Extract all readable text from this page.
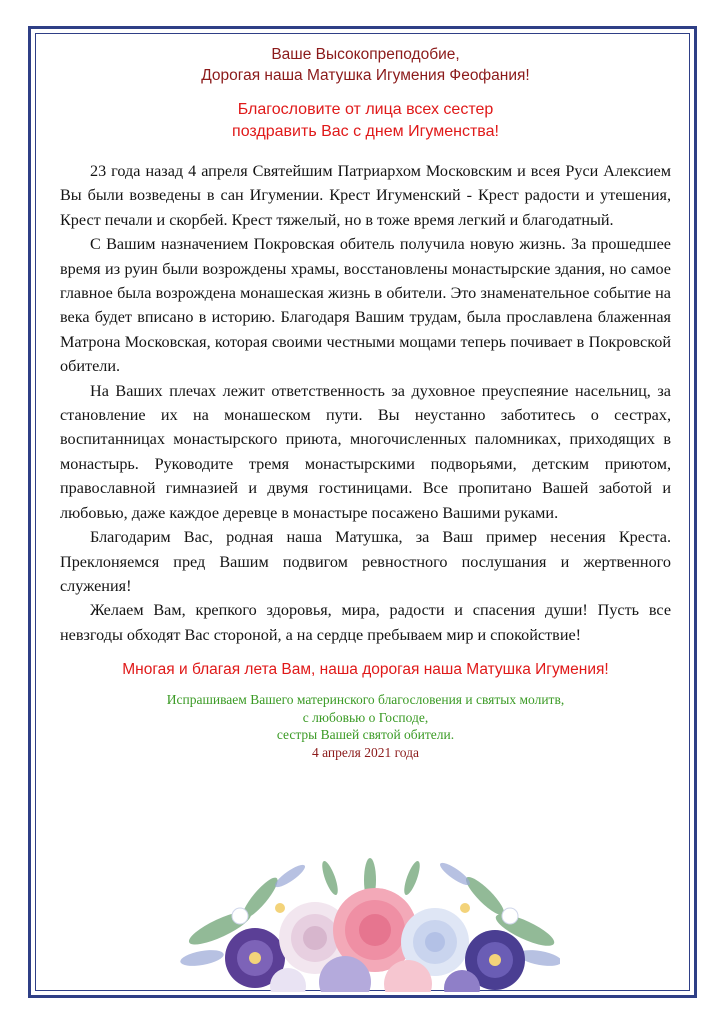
Ваше Высокопреподобие,
Дорогая наша Матушка Игумения Феофания!
Благословите от лица всех сестер
поздравить Вас с днем Игуменства!

23 года назад 4 апреля Святейшим Патриархом Московским и всея Руси Алексием Вы были возведены в сан Игумении. Крест Игуменский - Крест радости и утешения, Крест печали и скорбей. Крест тяжелый, но в тоже время легкий и благодатный.

С Вашим назначением Покровская обитель получила новую жизнь. За прошедшее время из руин были возрождены храмы, восстановлены монастырские здания, но самое главное была возрождена монашеская жизнь в обители. Это знаменательное событие на века будет вписано в историю. Благодаря Вашим трудам, была прославлена блаженная Матрона Московская, которая своими честными мощами теперь почивает в Покровской обители.

На Ваших плечах лежит ответственность за духовное преуспеяние насельниц, за становление их на монашеском пути. Вы неустанно заботитесь о сестрах, воспитанницах монастырского приюта, многочисленных паломниках, приходящих в монастырь. Руководите тремя монастырскими подворьями, детским приютом, православной гимназией и двумя гостиницами. Все пропитано Вашей заботой и любовью, даже каждое деревце в монастыре посажено Вашими руками.

Благодарим Вас, родная наша Матушка, за Ваш пример несения Креста. Преклоняемся пред Вашим подвигом ревностного послушания и жертвенного служения!

Желаем Вам, крепкого здоровья, мира, радости и спасения души! Пусть все невзгоды обходят Вас стороной, а на сердце пребываем мир и спокойствие!

Многая и благая лета Вам, наша дорогая наша Матушка Игумения!
Испрашиваем Вашего материнского благословения и святых молитв,
с любовью о Господе,
сестры Вашей святой обители.
4 апреля 2021 года
